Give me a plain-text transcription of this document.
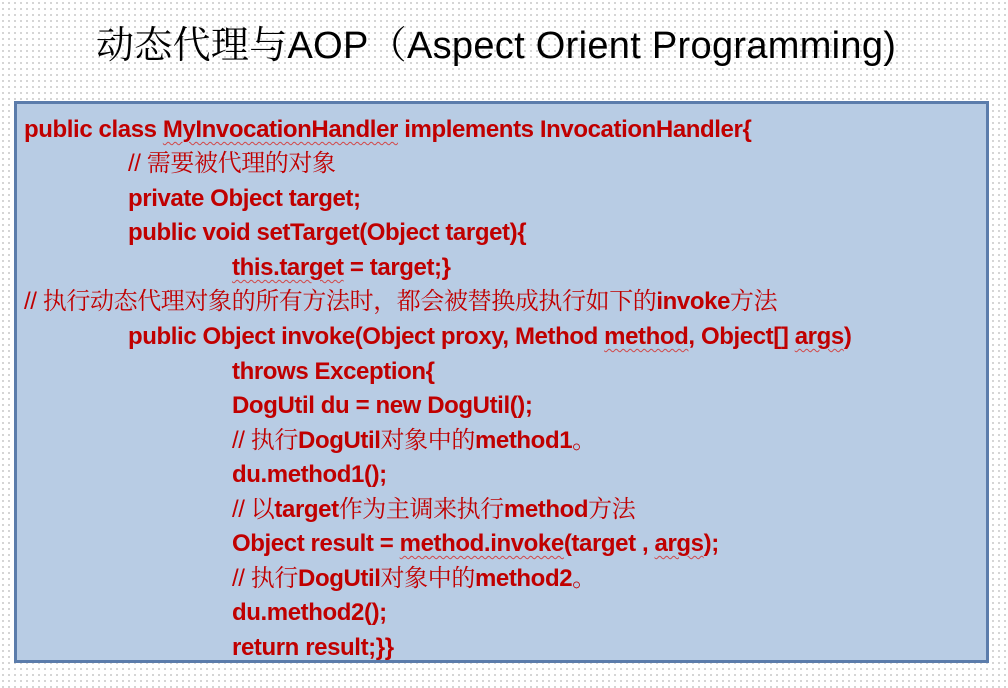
动态代理与AOP（Aspect Orient Programming)
public class MyInvocationHandler implements InvocationHandler{
// 需要被代理的对象
private Object target;
public void setTarget(Object target){
this.target = target;}
// 执行动态代理对象的所有方法时，都会被替换成执行如下的invoke方法
public Object invoke(Object proxy, Method method, Object[] args)
throws Exception{
DogUtil du = new DogUtil();
// 执行DogUtil对象中的method1。
du.method1();
// 以target作为主调来执行method方法
Object result = method.invoke(target , args);
// 执行DogUtil对象中的method2。
du.method2();
return result;}}
